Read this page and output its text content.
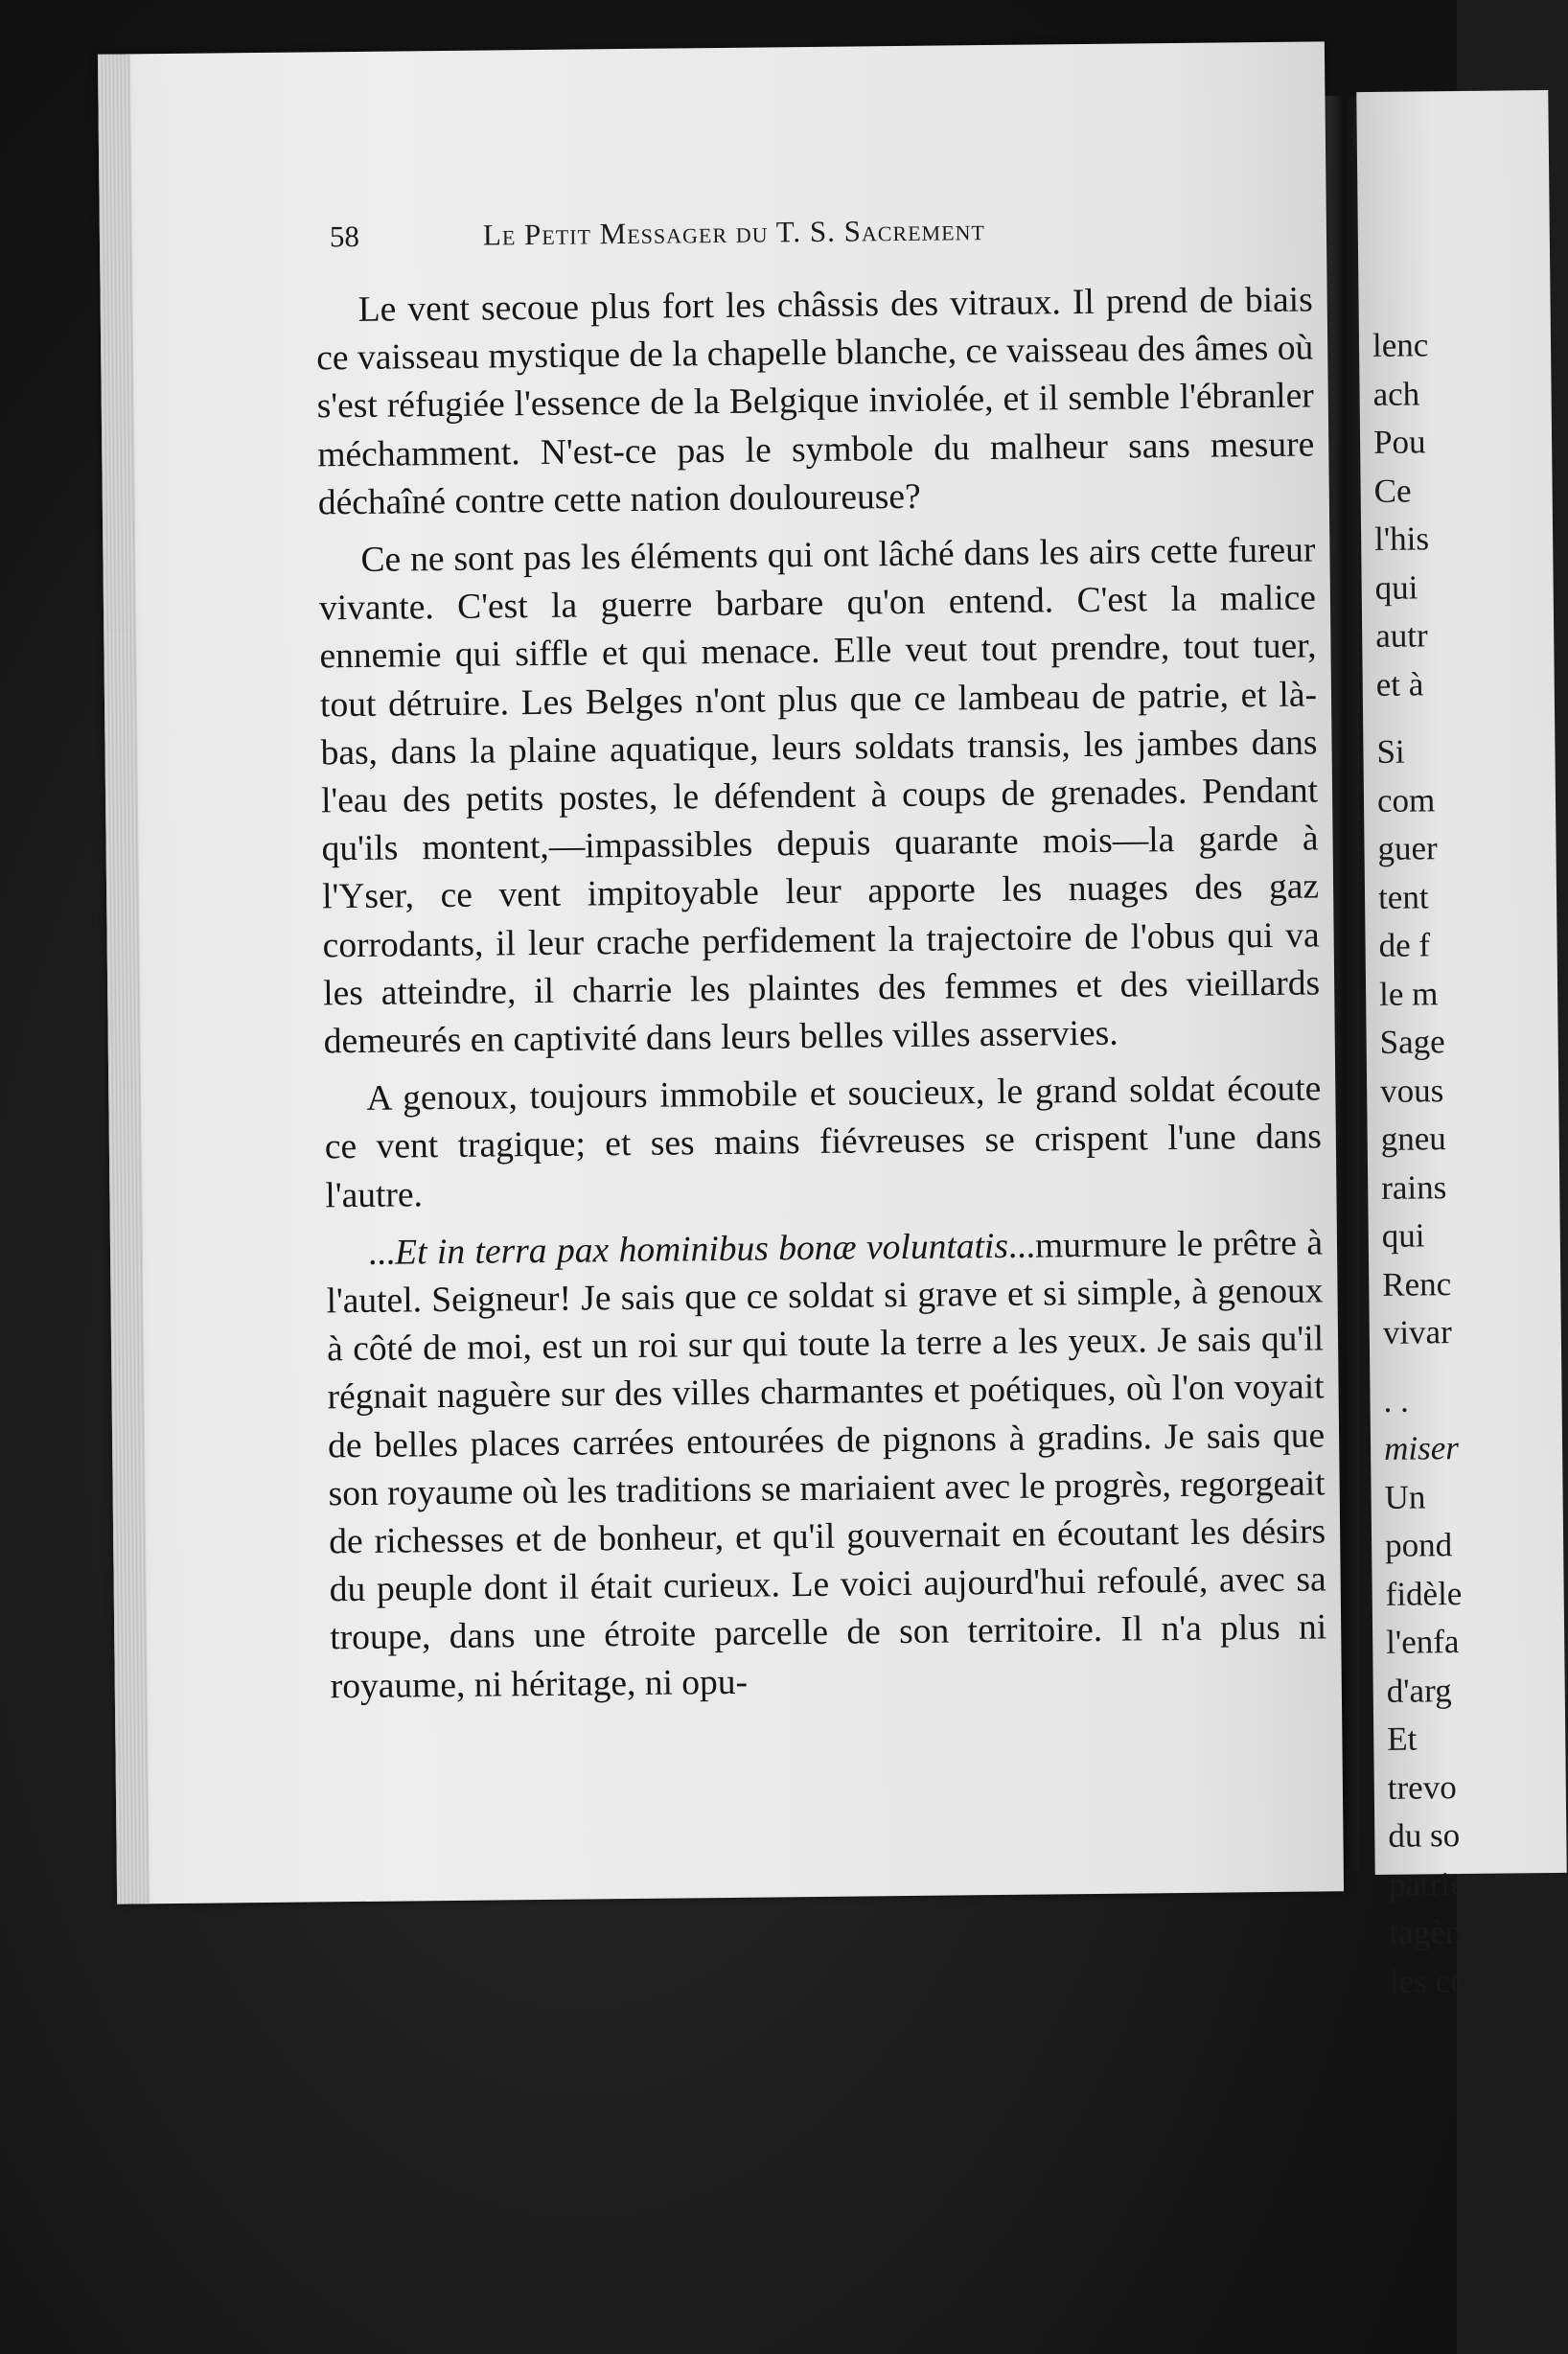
lenc
ach
Pou
Ce
l'his
qui
autr
et à
Si
com
guer
tent
de f
le m
Sage
vous
gneu
rains
qui
Renc
vivar
. .
miser
Un
pond
fidèle
l'enfa
d'arg
Et
trevo
du so
patrie
tagèn
les co
58	Le Petit Messager du T. S. Sacrement

Le vent secoue plus fort les châssis des vitraux. Il prend de biais ce vaisseau mystique de la chapelle blanche, ce vaisseau des âmes où s'est réfugiée l'essence de la Belgique inviolée, et il semble l'ébranler méchamment. N'est-ce pas le symbole du malheur sans mesure déchaîné contre cette nation douloureuse?

Ce ne sont pas les éléments qui ont lâché dans les airs cette fureur vivante. C'est la guerre barbare qu'on entend. C'est la malice ennemie qui siffle et qui menace. Elle veut tout prendre, tout tuer, tout détruire. Les Belges n'ont plus que ce lambeau de patrie, et là-bas, dans la plaine aquatique, leurs soldats transis, les jambes dans l'eau des petits postes, le défendent à coups de grenades. Pendant qu'ils montent,—impassibles depuis quarante mois—la garde à l'Yser, ce vent impitoyable leur apporte les nuages des gaz corrodants, il leur crache perfidement la trajectoire de l'obus qui va les atteindre, il charrie les plaintes des femmes et des vieillards demeurés en captivité dans leurs belles villes asservies.

A genoux, toujours immobile et soucieux, le grand soldat écoute ce vent tragique; et ses mains fiévreuses se crispent l'une dans l'autre.

...Et in terra pax hominibus bonæ voluntatis...murmure le prêtre à l'autel. Seigneur! Je sais que ce soldat si grave et si simple, à genoux à côté de moi, est un roi sur qui toute la terre a les yeux. Je sais qu'il régnait naguère sur des villes charmantes et poétiques, où l'on voyait de belles places carrées entourées de pignons à gradins. Je sais que son royaume où les traditions se mariaient avec le progrès, regorgeait de richesses et de bonheur, et qu'il gouvernait en écoutant les désirs du peuple dont il était curieux. Le voici aujourd'hui refoulé, avec sa troupe, dans une étroite parcelle de son territoire. Il n'a plus ni royaume, ni héritage, ni opu-
